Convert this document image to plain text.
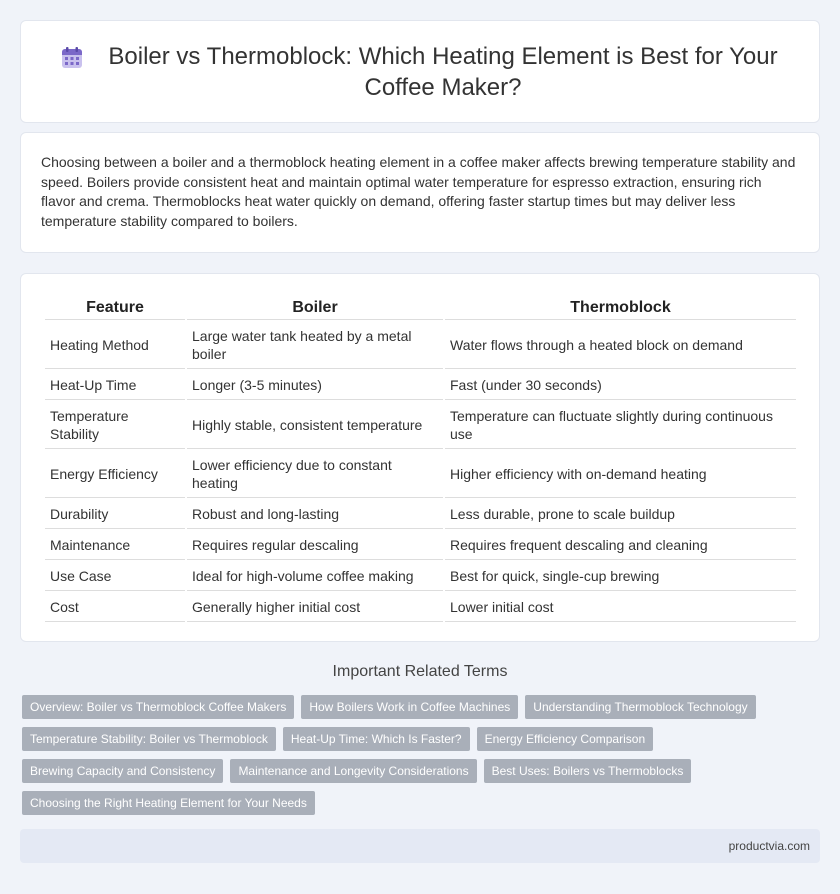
Boiler vs Thermoblock: Which Heating Element is Best for Your Coffee Maker?

Choosing between a boiler and a thermoblock heating element in a coffee maker affects brewing temperature stability and speed. Boilers provide consistent heat and maintain optimal water temperature for espresso extraction, ensuring rich flavor and crema. Thermoblocks heat water quickly on demand, offering faster startup times but may deliver less temperature stability compared to boilers.

Feature	Boiler	Thermoblock
Heating Method	Large water tank heated by a metal boiler	Water flows through a heated block on demand
Heat-Up Time	Longer (3-5 minutes)	Fast (under 30 seconds)
Temperature Stability	Highly stable, consistent temperature	Temperature can fluctuate slightly during continuous use
Energy Efficiency	Lower efficiency due to constant heating	Higher efficiency with on-demand heating
Durability	Robust and long-lasting	Less durable, prone to scale buildup
Maintenance	Requires regular descaling	Requires frequent descaling and cleaning
Use Case	Ideal for high-volume coffee making	Best for quick, single-cup brewing
Cost	Generally higher initial cost	Lower initial cost
Important Related Terms
Overview: Boiler vs Thermoblock Coffee Makers	How Boilers Work in Coffee Machines	Understanding Thermoblock Technology
Temperature Stability: Boiler vs Thermoblock	Heat-Up Time: Which Is Faster?	Energy Efficiency Comparison
Brewing Capacity and Consistency	Maintenance and Longevity Considerations	Best Uses: Boilers vs Thermoblocks
Choosing the Right Heating Element for Your Needs
productvia.com
